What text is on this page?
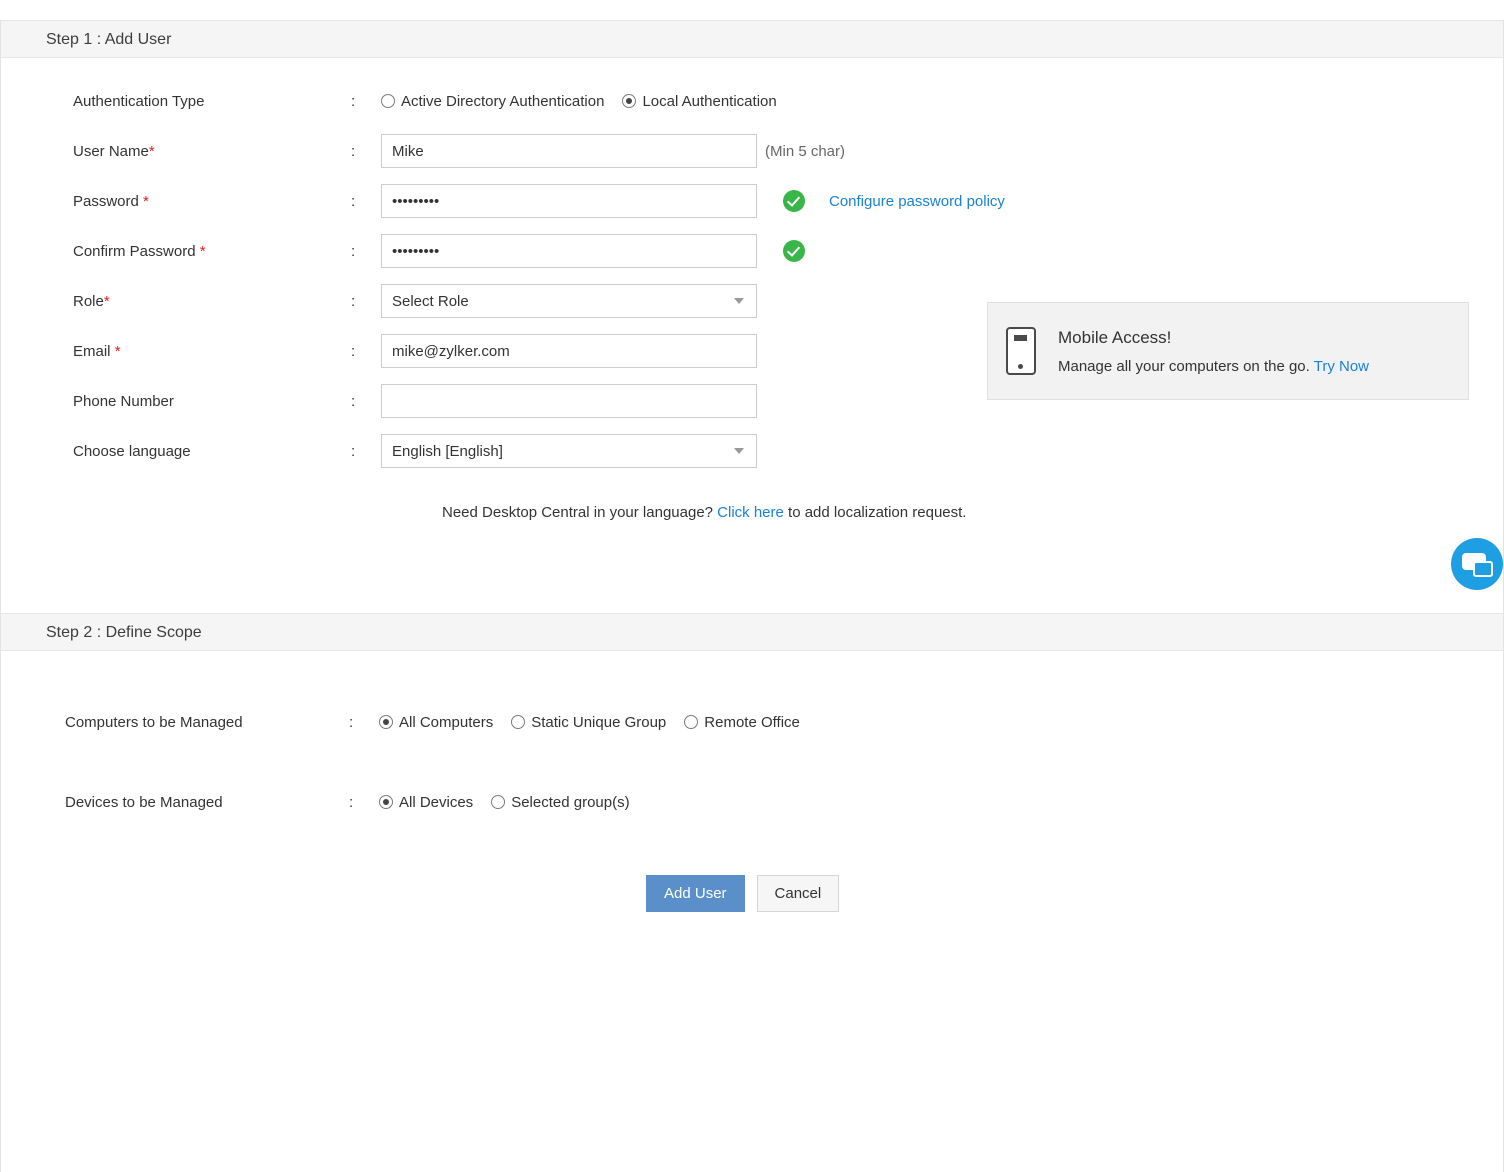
Step 1 : Add User
Authentication Type	:	Active Directory Authentication	Local Authentication
User Name*	:
Mike	(Min 5 char)
Password *	:
•••••••••	Configure password policy
Confirm Password *	:
•••••••••
Role*	:	Select Role
Email *	:
mike@zylker.com
Phone Number	:
Choose language	:	English [English]
Need Desktop Central in your language? Click here to add localization request.
Mobile Access!
Manage all your computers on the go. Try Now
Step 2 : Define Scope
Computers to be Managed	:	All Computers	Static Unique Group	Remote Office
Devices to be Managed	:	All Devices	Selected group(s)
Add User	Cancel
